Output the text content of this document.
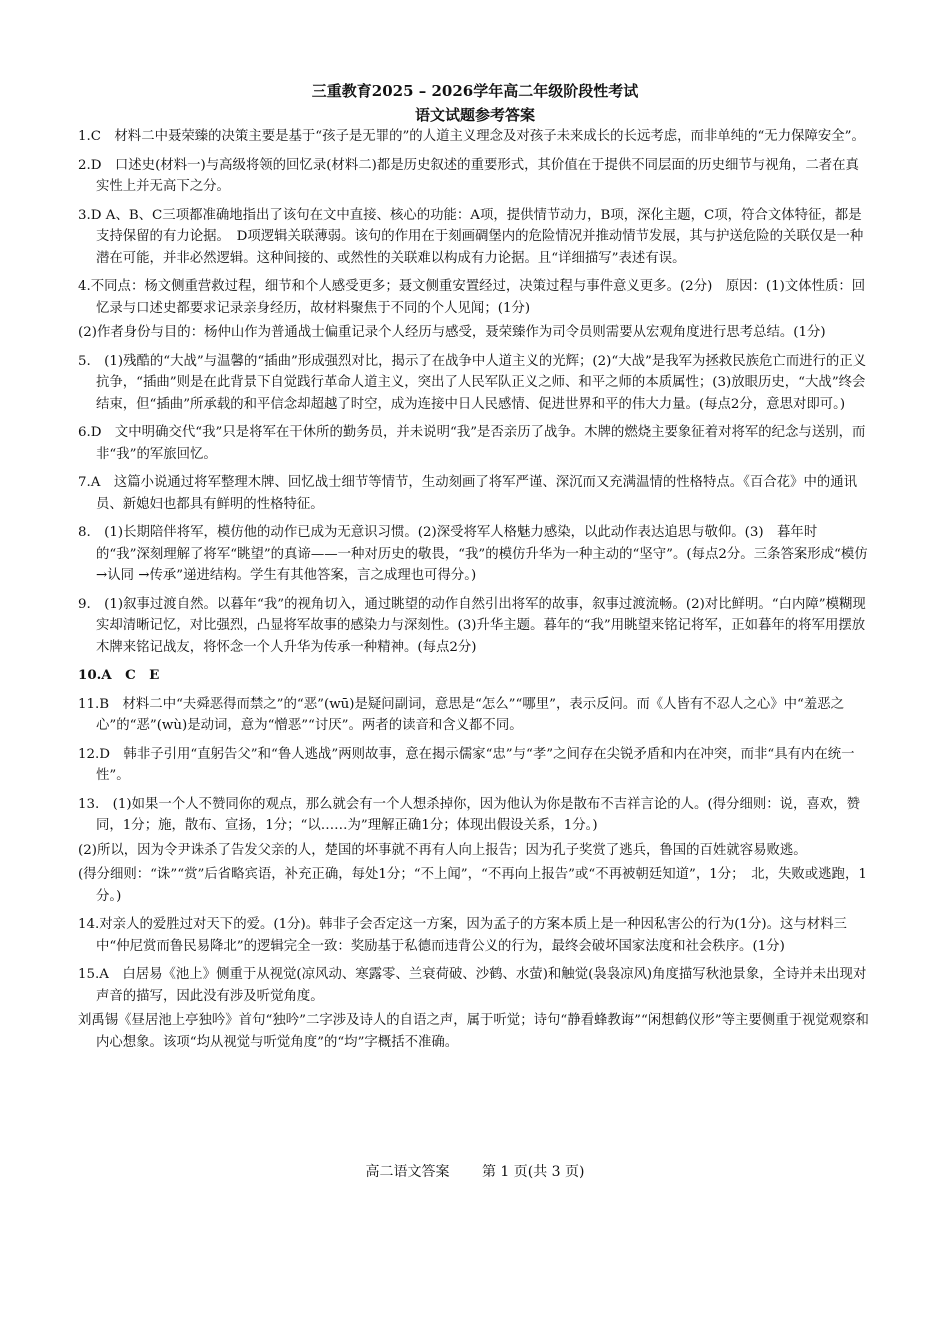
三重教育2025 – 2026学年高二年级阶段性考试
语文试题参考答案

1.C　材料二中聂荣臻的决策主要是基于“孩子是无罪的”的人道主义理念及对孩子未来成长的长远考虑，而非单纯的“无力保障安全”。

2.D　口述史(材料一)与高级将领的回忆录(材料二)都是历史叙述的重要形式，其价值在于提供不同层面的历史细节与视角，二者在真实性上并无高下之分。

3.D A、B、C三项都准确地指出了该句在文中直接、核心的功能：A项，提供情节动力，B项，深化主题，C项，符合文体特征，都是支持保留的有力论据。　D项逻辑关联薄弱。该句的作用在于刻画碉堡内的危险情况并推动情节发展，其与护送危险的关联仅是一种潜在可能，并非必然逻辑。这种间接的、或然性的关联难以构成有力论据。且“详细描写”表述有误。

4.不同点：杨文侧重营救过程，细节和个人感受更多；聂文侧重安置经过，决策过程与事件意义更多。(2分)　原因：(1)文体性质：回忆录与口述史都要求记录亲身经历，故材料聚焦于不同的个人见闻；(1分)

(2)作者身份与目的：杨仲山作为普通战士偏重记录个人经历与感受，聂荣臻作为司令员则需要从宏观角度进行思考总结。(1分)

5.　(1)残酷的“大战”与温馨的“插曲”形成强烈对比，揭示了在战争中人道主义的光辉；(2)“大战”是我军为拯救民族危亡而进行的正义抗争，“插曲”则是在此背景下自觉践行革命人道主义，突出了人民军队正义之师、和平之师的本质属性；(3)放眼历史，“大战”终会结束，但“插曲”所承载的和平信念却超越了时空，成为连接中日人民感情、促进世界和平的伟大力量。(每点2分，意思对即可。)

6.D　文中明确交代“我”只是将军在干休所的勤务员，并未说明“我”是否亲历了战争。木牌的燃烧主要象征着对将军的纪念与送别，而非“我”的军旅回忆。

7.A　这篇小说通过将军整理木牌、回忆战士细节等情节，生动刻画了将军严谨、深沉而又充满温情的性格特点。《百合花》中的通讯员、新媳妇也都具有鲜明的性格特征。

8.　(1)长期陪伴将军，模仿他的动作已成为无意识习惯。(2)深受将军人格魅力感染，以此动作表达追思与敬仰。(3)　暮年时的“我”深刻理解了将军“眺望”的真谛——一种对历史的敬畏，“我”的模仿升华为一种主动的“坚守”。(每点2分。三条答案形成“模仿 →认同 →传承”递进结构。学生有其他答案，言之成理也可得分。)

9.　(1)叙事过渡自然。以暮年“我”的视角切入，通过眺望的动作自然引出将军的故事，叙事过渡流畅。(2)对比鲜明。“白内障”模糊现实却清晰记忆，对比强烈，凸显将军故事的感染力与深刻性。(3)升华主题。暮年的“我”用眺望来铭记将军，正如暮年的将军用摆放木牌来铭记战友，将怀念一个人升华为传承一种精神。(每点2分)

10.A　C　E

11.B　材料二中“夫舜恶得而禁之”的“恶”(wū)是疑问副词，意思是“怎么”“哪里”，表示反问。而《人皆有不忍人之心》中“羞恶之心”的“恶”(wù)是动词，意为“憎恶”“讨厌”。两者的读音和含义都不同。

12.D　韩非子引用“直躬告父”和“鲁人逃战”两则故事，意在揭示儒家“忠”与“孝”之间存在尖锐矛盾和内在冲突，而非“具有内在统一性”。

13.　(1)如果一个人不赞同你的观点，那么就会有一个人想杀掉你，因为他认为你是散布不吉祥言论的人。(得分细则：说，喜欢，赞同，1分；施，散布、宣扬，1分；“以……为”理解正确1分；体现出假设关系，1分。)

(2)所以，因为令尹诛杀了告发父亲的人，楚国的坏事就不再有人向上报告；因为孔子奖赏了逃兵，鲁国的百姓就容易败逃。

(得分细则：“诛”“赏”后省略宾语，补充正确，每处1分；“不上闻”，“不再向上报告”或“不再被朝廷知道”，1分；　北，失败或逃跑，1分。)

14.对亲人的爱胜过对天下的爱。(1分)。韩非子会否定这一方案，因为孟子的方案本质上是一种因私害公的行为(1分)。这与材料三中“仲尼赏而鲁民易降北”的逻辑完全一致：奖励基于私德而违背公义的行为，最终会破坏国家法度和社会秩序。(1分)

15.A　白居易《池上》侧重于从视觉(凉风动、寒露零、兰衰荷破、沙鹤、水萤)和触觉(袅袅凉风)角度描写秋池景象，全诗并未出现对声音的描写，因此没有涉及听觉角度。

刘禹锡《昼居池上亭独吟》首句“独吟”二字涉及诗人的自语之声，属于听觉；诗句“静看蜂教诲”“闲想鹤仪形”等主要侧重于视觉观察和内心想象。该项“均从视觉与听觉角度”的“均”字概括不准确。

高二语文答案 第 1 页(共 3 页)
